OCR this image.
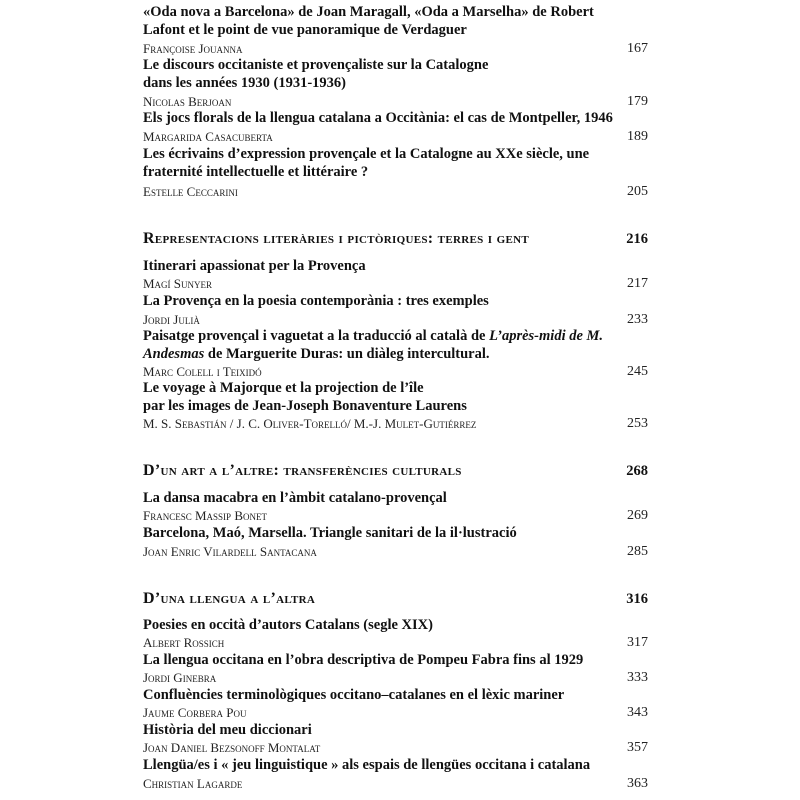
«Oda nova a Barcelona» de Joan Maragall, «Oda a Marselha» de Robert
Lafont et le point de vue panoramique de Verdaguer
Françoise Jouanna	167
Le discours occitaniste et provençaliste sur la Catalogne
dans les années 1930 (1931-1936)
Nicolas Berjoan	179
Els jocs florals de la llengua catalana a Occitània: el cas de Montpeller, 1946
Margarida Casacuberta	189
Les écrivains d’expression provençale et la Catalogne au XXe siècle, une
fraternité intellectuelle et littéraire ?
Estelle Ceccarini	205
Representacions literàries i pictòriques: terres i gent	216
Itinerari apassionat per la Provença
Magí Sunyer	217
La Provença en la poesia contemporània : tres exemples
Jordi Julià	233
Paisatge provençal i vaguetat a la traducció al català de L’après-midi de M.
Andesmas de Marguerite Duras: un diàleg intercultural.
Marc Colell i Teixidó	245
Le voyage à Majorque et la projection de l’île
par les images de Jean-Joseph Bonaventure Laurens
M. S. Sebastián / J. C. Oliver-Torelló/ M.-J. Mulet-Gutiérrez	253
D’un art a l’altre: transferències culturals	268
La dansa macabra en l’àmbit catalano-provençal
Francesc Massip Bonet	269
Barcelona, Maó, Marsella. Triangle sanitari de la il·lustració
Joan Enric Vilardell Santacana	285
D’una llengua a l’altra	316
Poesies en occità d’autors Catalans (segle XIX)
Albert Rossich	317
La llengua occitana en l’obra descriptiva de Pompeu Fabra fins al 1929
Jordi Ginebra	333
Confluències terminològiques occitano–catalanes en el lèxic mariner
Jaume Corbera Pou	343
Història del meu diccionari
Joan Daniel Bezsonoff Montalat	357
Llengüa/es i « jeu linguistique » als espais de llengües occitana i catalana
Christian Lagarde	363
